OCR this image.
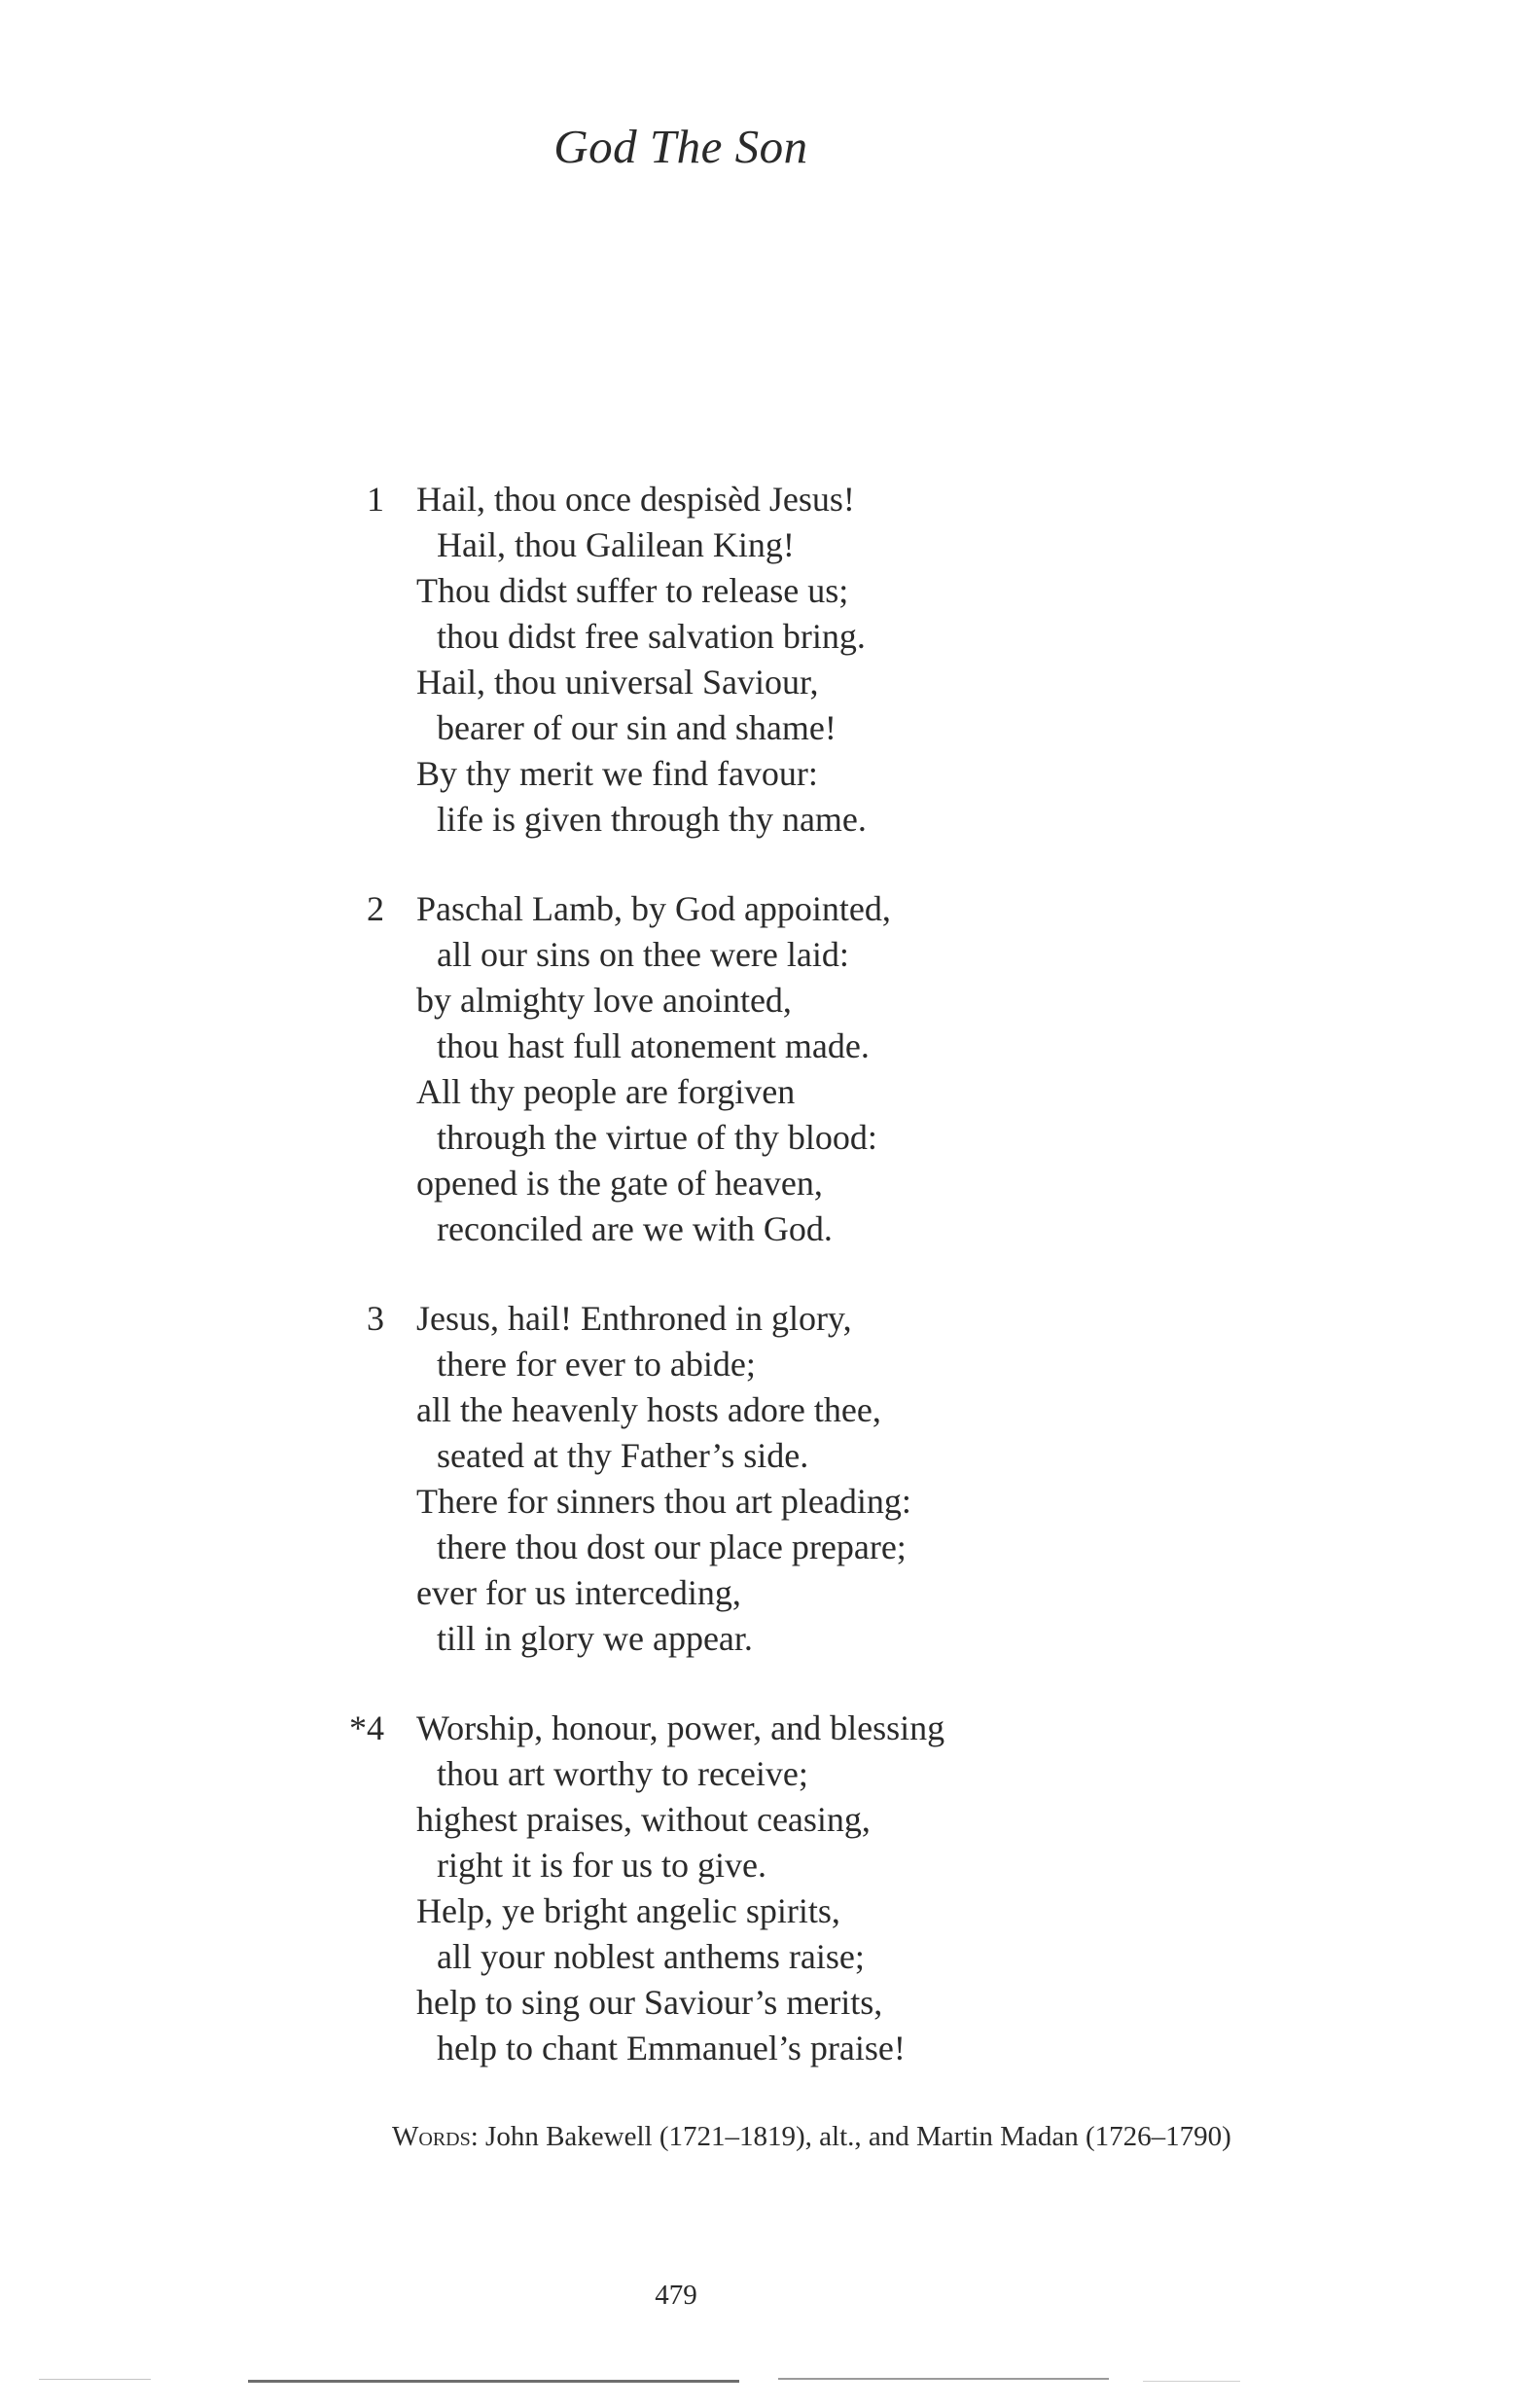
God The Son
1 Hail, thou once despisèd Jesus!
Hail, thou Galilean King!
Thou didst suffer to release us;
thou didst free salvation bring.
Hail, thou universal Saviour,
bearer of our sin and shame!
By thy merit we find favour:
life is given through thy name.
2 Paschal Lamb, by God appointed,
all our sins on thee were laid:
by almighty love anointed,
thou hast full atonement made.
All thy people are forgiven
through the virtue of thy blood:
opened is the gate of heaven,
reconciled are we with God.
3 Jesus, hail! Enthroned in glory,
there for ever to abide;
all the heavenly hosts adore thee,
seated at thy Father’s side.
There for sinners thou art pleading:
there thou dost our place prepare;
ever for us interceding,
till in glory we appear.
*4 Worship, honour, power, and blessing
thou art worthy to receive;
highest praises, without ceasing,
right it is for us to give.
Help, ye bright angelic spirits,
all your noblest anthems raise;
help to sing our Saviour’s merits,
help to chant Emmanuel’s praise!
Words: John Bakewell (1721–1819), alt., and Martin Madan (1726–1790)
479
